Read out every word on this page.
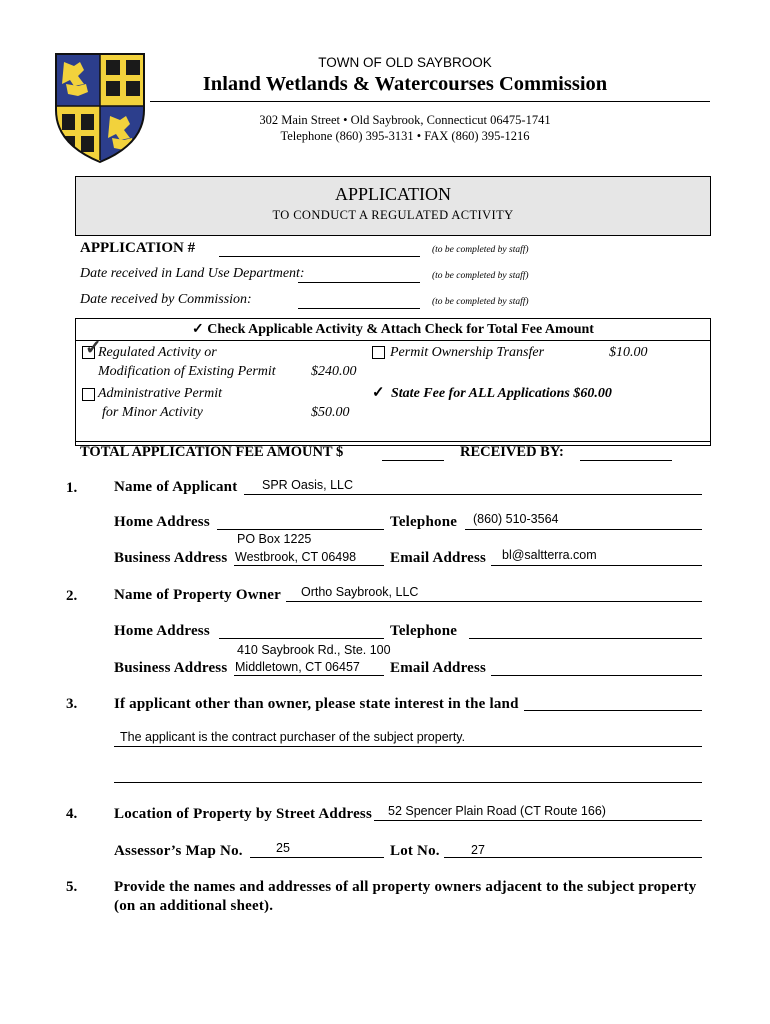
TOWN OF OLD SAYBROOK
Inland Wetlands & Watercourses Commission
302 Main Street • Old Saybrook, Connecticut 06475-1741
Telephone (860) 395-3131 • FAX (860) 395-1216
APPLICATION
TO CONDUCT A REGULATED ACTIVITY
APPLICATION #	(to be completed by staff)
Date received in Land Use Department:	(to be completed by staff)
Date received by Commission:	(to be completed by staff)
✓ Check Applicable Activity & Attach Check for Total Fee Amount
✓
Regulated Activity or
Modification of Existing Permit	$240.00
Administrative Permit
for Minor Activity	$50.00
Permit Ownership Transfer	$10.00
✓ State Fee for ALL Applications $60.00
TOTAL APPLICATION FEE AMOUNT $	RECEIVED BY:
1. Name of Applicant SPR Oasis, LLC
Home Address	Telephone (860) 510-3564
PO Box 1225
Business Address Westbrook, CT 06498 Email Address bl@saltterra.com
2. Name of Property Owner Ortho Saybrook, LLC
Home Address	Telephone
410 Saybrook Rd., Ste. 100
Business Address Middletown, CT 06457 Email Address
3. If applicant other than owner, please state interest in the land
The applicant is the contract purchaser of the subject property.
4. Location of Property by Street Address 52 Spencer Plain Road (CT Route 166)
Assessor’s Map No.	25	Lot No.	27
5. Provide the names and addresses of all property owners adjacent to the subject property
(on an additional sheet).
